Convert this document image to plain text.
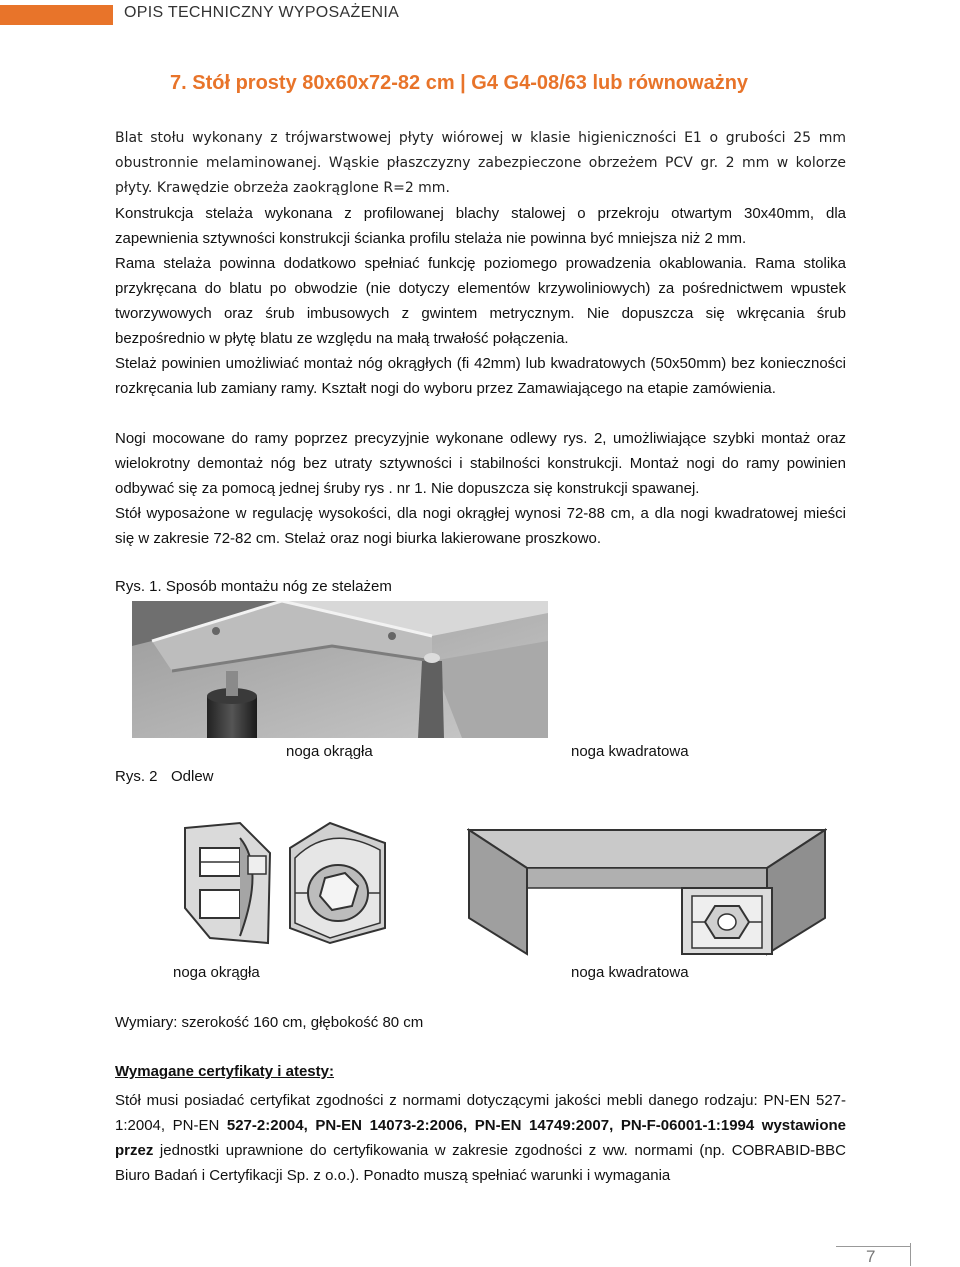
OPIS TECHNICZNY WYPOSAŻENIA
7. Stół prosty 80x60x72-82 cm | G4 G4-08/63 lub równoważny

Blat stołu wykonany z trójwarstwowej płyty wiórowej w klasie higieniczności E1 o grubości 25 mm obustronnie melaminowanej. Wąskie płaszczyzny zabezpieczone obrzeżem PCV gr. 2 mm w kolorze płyty. Krawędzie obrzeża zaokrąglone R=2 mm.

Konstrukcja stelaża wykonana z profilowanej blachy stalowej o przekroju otwartym 30x40mm, dla zapewnienia sztywności konstrukcji ścianka profilu stelaża nie powinna być mniejsza niż 2 mm.

Rama stelaża powinna dodatkowo spełniać funkcję poziomego prowadzenia okablowania. Rama stolika przykręcana do blatu po obwodzie (nie dotyczy elementów krzywoliniowych) za pośrednictwem wpustek tworzywowych oraz śrub imbusowych z gwintem metrycznym. Nie dopuszcza się wkręcania śrub bezpośrednio w płytę blatu ze względu na małą trwałość połączenia.

Stelaż powinien umożliwiać montaż nóg okrągłych (fi 42mm) lub kwadratowych (50x50mm) bez konieczności rozkręcania lub zamiany ramy. Kształt nogi do wyboru przez Zamawiającego na etapie zamówienia.

Nogi mocowane do ramy poprzez precyzyjnie wykonane odlewy rys. 2, umożliwiające szybki montaż oraz wielokrotny demontaż nóg bez utraty sztywności i stabilności konstrukcji. Montaż nogi do ramy powinien odbywać się za pomocą jednej śruby rys . nr 1. Nie dopuszcza się konstrukcji spawanej.

Stół wyposażone w regulację wysokości, dla nogi okrągłej wynosi 72-88 cm, a dla nogi kwadratowej mieści się w zakresie 72-82 cm. Stelaż oraz nogi biurka lakierowane proszkowo.

Rys. 1. Sposób montażu nóg ze stelażem
noga okrągła	noga kwadratowa
Rys. 2 Odlew
noga okrągła	noga kwadratowa
Wymiary: szerokość 160 cm, głębokość 80 cm
Wymagane certyfikaty i atesty:

Stół musi posiadać certyfikat zgodności z normami dotyczącymi jakości mebli danego rodzaju: PN-EN 527-1:2004, PN-EN 527-2:2004, PN-EN 14073-2:2006, PN-EN 14749:2007, PN-F-06001-1:1994 wystawione przez jednostki uprawnione do certyfikowania w zakresie zgodności z ww. normami (np. COBRABID-BBC Biuro Badań i Certyfikacji Sp. z o.o.). Ponadto muszą spełniać warunki i wymagania

7
